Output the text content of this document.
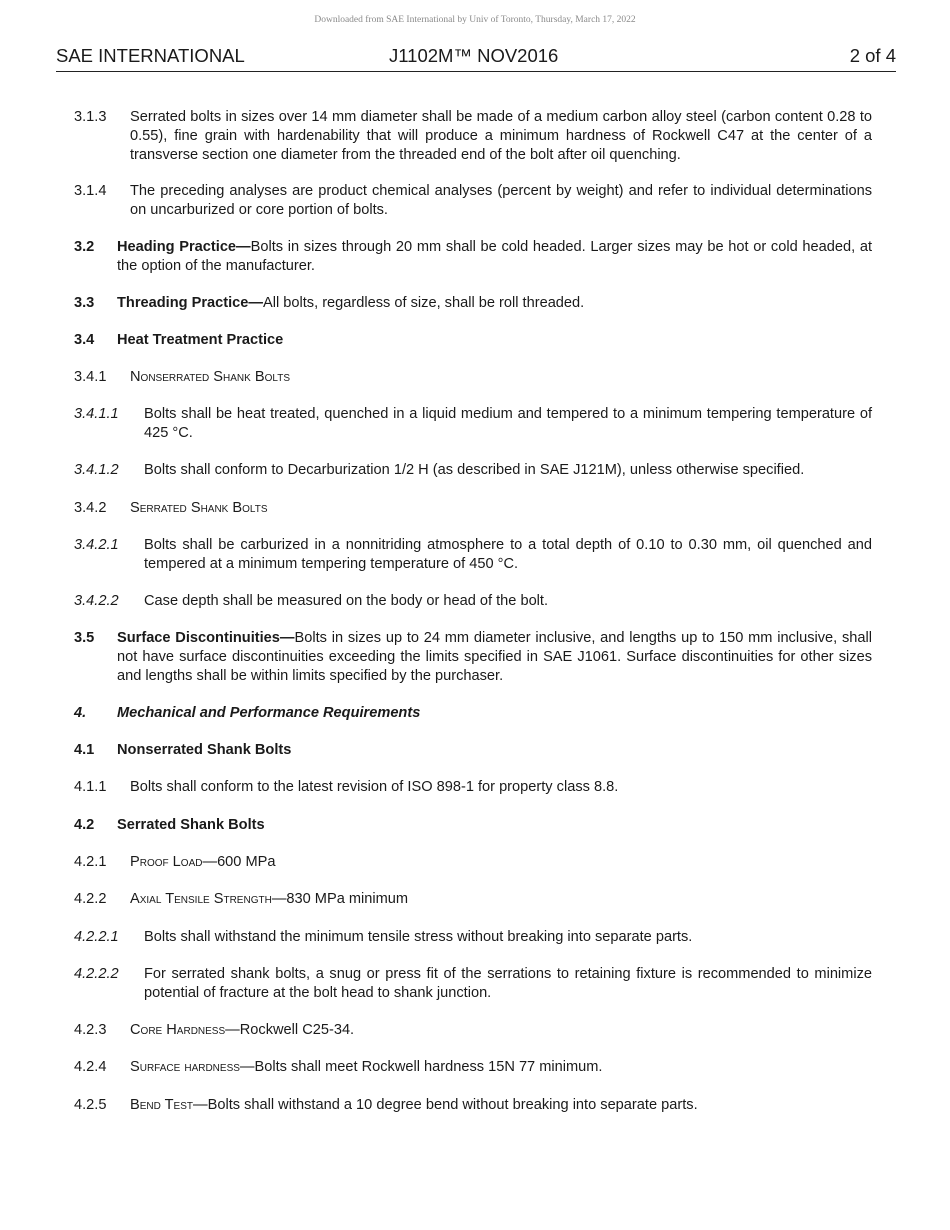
Downloaded from SAE International by Univ of Toronto, Thursday, March 17, 2022
SAE INTERNATIONAL	J1102M™ NOV2016	2 of 4
3.1.3 Serrated bolts in sizes over 14 mm diameter shall be made of a medium carbon alloy steel (carbon content 0.28 to 0.55), fine grain with hardenability that will produce a minimum hardness of Rockwell C47 at the center of a transverse section one diameter from the threaded end of the bolt after oil quenching.
3.1.4 The preceding analyses are product chemical analyses (percent by weight) and refer to individual determinations on uncarburized or core portion of bolts.
3.2 Heading Practice—Bolts in sizes through 20 mm shall be cold headed. Larger sizes may be hot or cold headed, at the option of the manufacturer.
3.3 Threading Practice—All bolts, regardless of size, shall be roll threaded.
3.4 Heat Treatment Practice
3.4.1 Nonserrated Shank Bolts
3.4.1.1 Bolts shall be heat treated, quenched in a liquid medium and tempered to a minimum tempering temperature of 425 °C.
3.4.1.2 Bolts shall conform to Decarburization 1/2 H (as described in SAE J121M), unless otherwise specified.
3.4.2 Serrated Shank Bolts
3.4.2.1 Bolts shall be carburized in a nonnitriding atmosphere to a total depth of 0.10 to 0.30 mm, oil quenched and tempered at a minimum tempering temperature of 450 °C.
3.4.2.2 Case depth shall be measured on the body or head of the bolt.
3.5 Surface Discontinuities—Bolts in sizes up to 24 mm diameter inclusive, and lengths up to 150 mm inclusive, shall not have surface discontinuities exceeding the limits specified in SAE J1061. Surface discontinuities for other sizes and lengths shall be within limits specified by the purchaser.
4. Mechanical and Performance Requirements
4.1 Nonserrated Shank Bolts
4.1.1 Bolts shall conform to the latest revision of ISO 898-1 for property class 8.8.
4.2 Serrated Shank Bolts
4.2.1 Proof Load—600 MPa
4.2.2 Axial Tensile Strength—830 MPa minimum
4.2.2.1 Bolts shall withstand the minimum tensile stress without breaking into separate parts.
4.2.2.2 For serrated shank bolts, a snug or press fit of the serrations to retaining fixture is recommended to minimize potential of fracture at the bolt head to shank junction.
4.2.3 Core Hardness—Rockwell C25-34.
4.2.4 Surface hardness—Bolts shall meet Rockwell hardness 15N 77 minimum.
4.2.5 Bend Test—Bolts shall withstand a 10 degree bend without breaking into separate parts.
